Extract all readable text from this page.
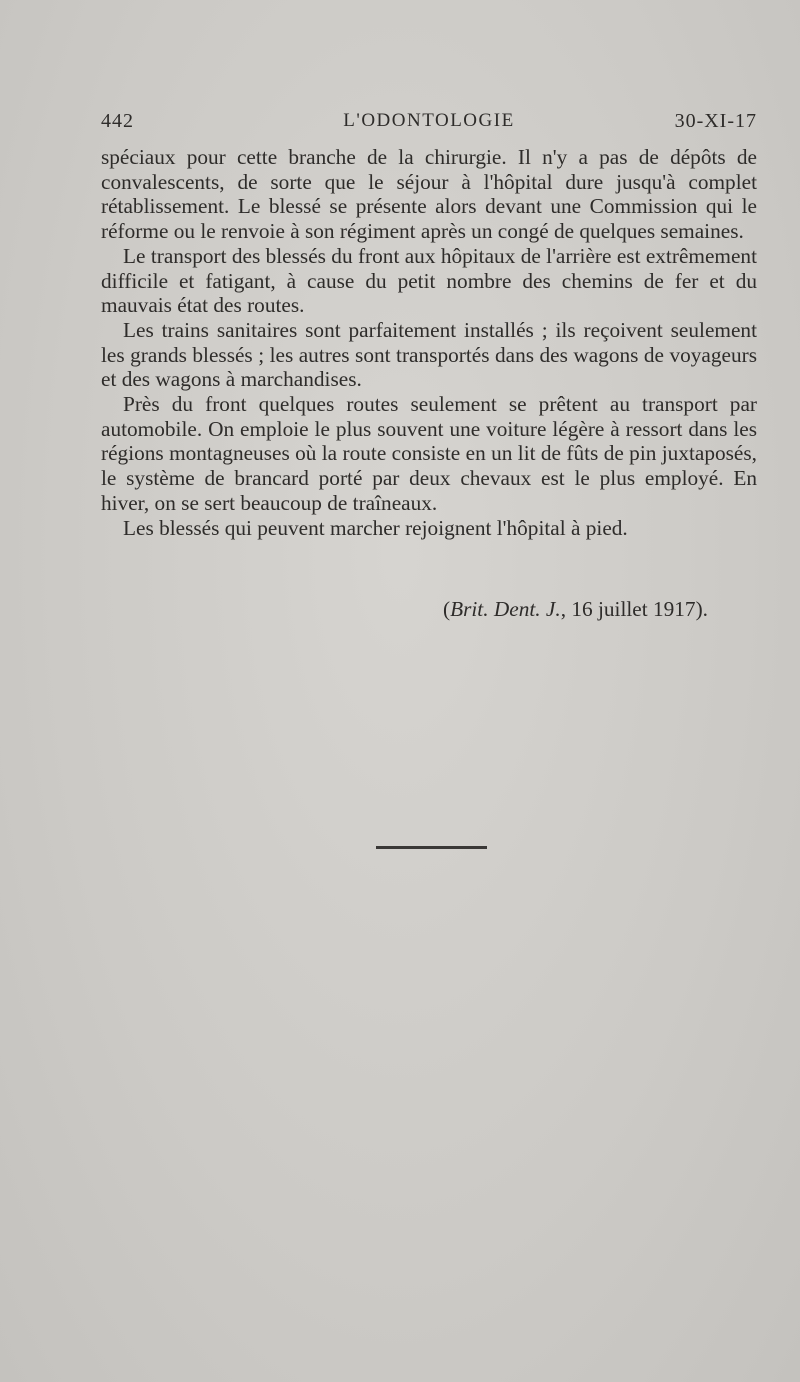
442	L'ODONTOLOGIE	30-XI-17

spéciaux pour cette branche de la chirurgie. Il n'y a pas de dépôts de convalescents, de sorte que le séjour à l'hôpital dure jusqu'à complet rétablissement. Le blessé se présente alors devant une Commission qui le réforme ou le renvoie à son régiment après un congé de quelques semaines.

Le transport des blessés du front aux hôpitaux de l'arrière est extrêmement difficile et fatigant, à cause du petit nombre des chemins de fer et du mauvais état des routes.

Les trains sanitaires sont parfaitement installés ; ils reçoivent seulement les grands blessés ; les autres sont transportés dans des wagons de voyageurs et des wagons à marchandises.

Près du front quelques routes seulement se prêtent au transport par automobile. On emploie le plus souvent une voiture légère à ressort dans les régions montagneuses où la route consiste en un lit de fûts de pin juxtaposés, le système de brancard porté par deux chevaux est le plus employé. En hiver, on se sert beaucoup de traîneaux.

Les blessés qui peuvent marcher rejoignent l'hôpital à pied.

(Brit. Dent. J., 16 juillet 1917).
